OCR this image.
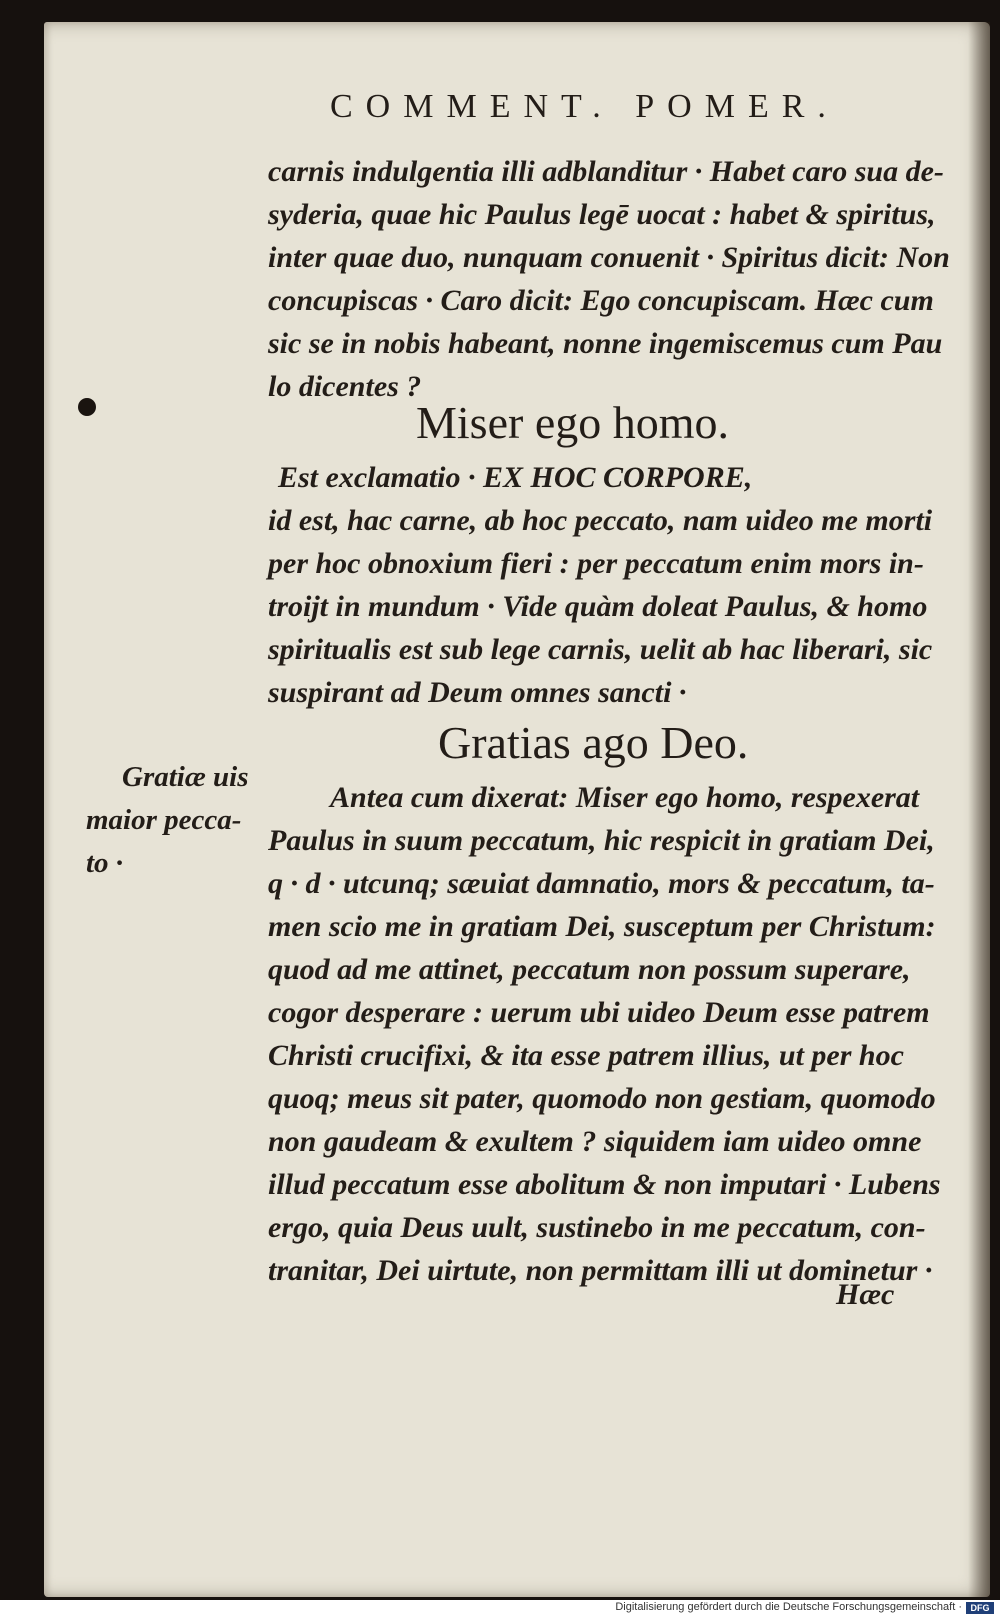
COMMENT. POMER.
carnis indulgentia illi adblanditur · Habet caro sua de-
syderia, quae hic Paulus legē uocat : habet & spiritus,
inter quae duo, nunquam conuenit · Spiritus dicit: Non
concupiscas · Caro dicit: Ego concupiscam. Hæc cum
sic se in nobis habeant, nonne ingemiscemus cum Pau
lo dicentes ?
Miser ego homo.
Est exclamatio · EX HOC CORPORE,
id est, hac carne, ab hoc peccato, nam uideo me morti
per hoc obnoxium fieri : per peccatum enim mors in-
troijt in mundum · Vide quàm doleat Paulus, & homo
spiritualis est sub lege carnis, uelit ab hac liberari, sic
suspirant ad Deum omnes sancti ·
Gratias ago Deo.
Gratiæ uis
maior pecca-
to ·
Antea cum dixerat: Miser ego homo, respexerat
Paulus in suum peccatum, hic respicit in gratiam Dei,
q · d · utcunq; sæuiat damnatio, mors & peccatum, ta-
men scio me in gratiam Dei, susceptum per Christum:
quod ad me attinet, peccatum non possum superare,
cogor desperare : uerum ubi uideo Deum esse patrem
Christi crucifixi, & ita esse patrem illius, ut per hoc
quoq; meus sit pater, quomodo non gestiam, quomodo
non gaudeam & exultem ? siquidem iam uideo omne
illud peccatum esse abolitum & non imputari · Lubens
ergo, quia Deus uult, sustinebo in me peccatum, con-
tranitar, Dei uirtute, non permittam illi ut dominetur ·
Hæc
Digitalisierung gefördert durch die Deutsche Forschungsgemeinschaft · DFG
